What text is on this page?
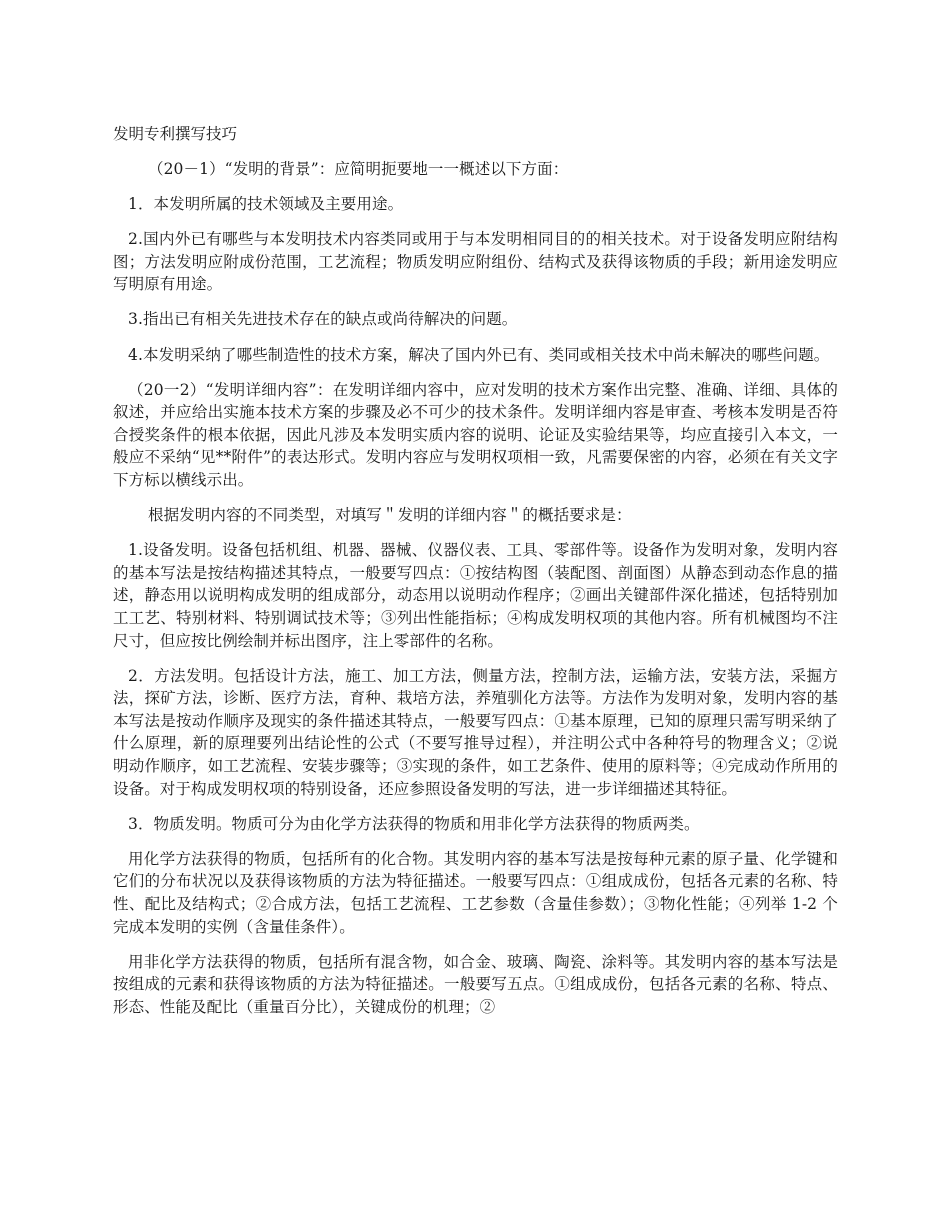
发明专利撰写技巧

（20－1）“发明的背景”：应简明扼要地一一概述以下方面：

1．本发明所属的技术领域及主要用途。

2.国内外已有哪些与本发明技术内容类同或用于与本发明相同目的的相关技术。对于设备发明应附结构图；方法发明应附成份范围，工艺流程；物质发明应附组份、结构式及获得该物质的手段；新用途发明应写明原有用途。

3.指出已有相关先进技术存在的缺点或尚待解决的问题。

4.本发明采纳了哪些制造性的技术方案，解决了国内外已有、类同或相关技术中尚未解决的哪些问题。

（20一2）“发明详细内容”：在发明详细内容中，应对发明的技术方案作出完整、准确、详细、具体的叙述，并应给出实施本技术方案的步骤及必不可少的技术条件。发明详细内容是审查、考核本发明是否符合授奖条件的根本依据，因此凡涉及本发明实质内容的说明、论证及实验结果等，均应直接引入本文，一般应不采纳“见**附件”的表达形式。发明内容应与发明权项相一致，凡需要保密的内容，必须在有关文字下方标以横线示出。

根据发明内容的不同类型，对填写＂发明的详细内容＂的概括要求是：

1.设备发明。设备包括机组、机器、器械、仪器仪表、工具、零部件等。设备作为发明对象，发明内容的基本写法是按结构描述其特点，一般要写四点：①按结构图（装配图、剖面图）从静态到动态作息的描述，静态用以说明构成发明的组成部分，动态用以说明动作程序；②画出关键部件深化描述，包括特别加工工艺、特别材料、特别调试技术等；③列出性能指标；④构成发明权项的其他内容。所有机械图均不注尺寸，但应按比例绘制并标出图序，注上零部件的名称。

2．方法发明。包括设计方法，施工、加工方法，侧量方法，控制方法，运输方法，安装方法，采掘方法，探矿方法，诊断、医疗方法，育种、栽培方法，养殖驯化方法等。方法作为发明对象，发明内容的基本写法是按动作顺序及现实的条件描述其特点，一般要写四点：①基本原理，已知的原理只需写明采纳了什么原理，新的原理要列出结论性的公式（不要写推导过程），并注明公式中各种符号的物理含义；②说明动作顺序，如工艺流程、安装步骤等；③实现的条件，如工艺条件、使用的原料等；④完成动作所用的设备。对于构成发明权项的特别设备，还应参照设备发明的写法，进一步详细描述其特征。

3．物质发明。物质可分为由化学方法获得的物质和用非化学方法获得的物质两类。

用化学方法获得的物质，包括所有的化合物。其发明内容的基本写法是按每种元素的原子量、化学键和它们的分布状况以及获得该物质的方法为特征描述。一般要写四点：①组成成份，包括各元素的名称、特性、配比及结构式；②合成方法，包括工艺流程、工艺参数（含量佳参数）；③物化性能；④列举 1-2 个完成本发明的实例（含量佳条件）。

用非化学方法获得的物质，包括所有混含物，如合金、玻璃、陶瓷、涂料等。其发明内容的基本写法是按组成的元素和获得该物质的方法为特征描述。一般要写五点。①组成成份，包括各元素的名称、特点、形态、性能及配比（重量百分比），关键成份的机理；②
